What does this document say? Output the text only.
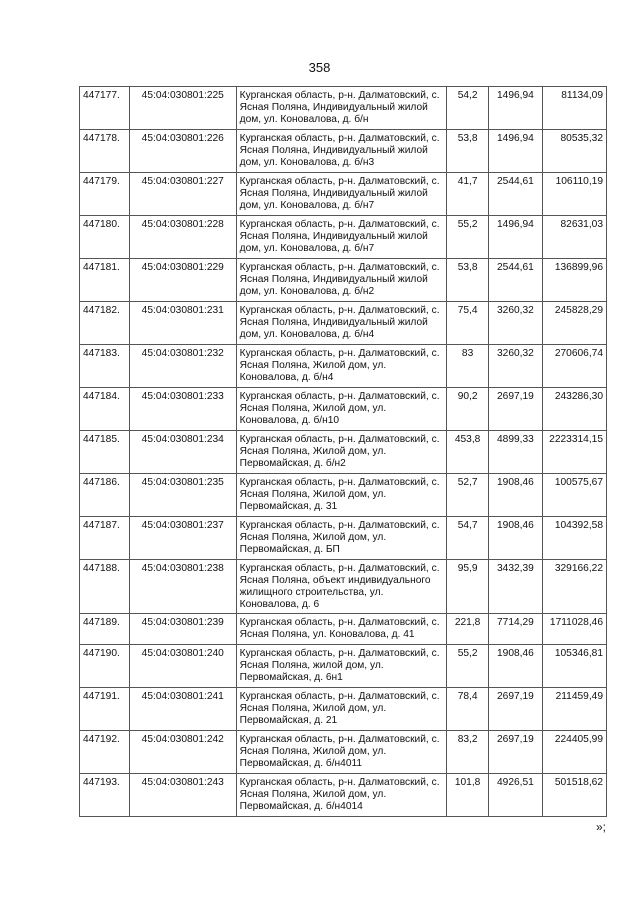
358
447177.	45:04:030801:225	Курганская область, р-н. Далматовский, с. Ясная Поляна, Индивидуальный жилой дом, ул. Коновалова, д. б/н	54,2	1496,94	81134,09
447178.	45:04:030801:226	Курганская область, р-н. Далматовский, с. Ясная Поляна, Индивидуальный жилой дом, ул. Коновалова, д. б/н3	53,8	1496,94	80535,32
447179.	45:04:030801:227	Курганская область, р-н. Далматовский, с. Ясная Поляна, Индивидуальный жилой дом, ул. Коновалова, д. б/н7	41,7	2544,61	106110,19
447180.	45:04:030801:228	Курганская область, р-н. Далматовский, с. Ясная Поляна, Индивидуальный жилой дом, ул. Коновалова, д. б/н7	55,2	1496,94	82631,03
447181.	45:04:030801:229	Курганская область, р-н. Далматовский, с. Ясная Поляна, Индивидуальный жилой дом, ул. Коновалова, д. б/н2	53,8	2544,61	136899,96
447182.	45:04:030801:231	Курганская область, р-н. Далматовский, с. Ясная Поляна, Индивидуальный жилой дом, ул. Коновалова, д. б/н4	75,4	3260,32	245828,29
447183.	45:04:030801:232	Курганская область, р-н. Далматовский, с. Ясная Поляна, Жилой дом, ул. Коновалова, д. б/н4	83	3260,32	270606,74
447184.	45:04:030801:233	Курганская область, р-н. Далматовский, с. Ясная Поляна, Жилой дом, ул. Коновалова, д. б/н10	90,2	2697,19	243286,30
447185.	45:04:030801:234	Курганская область, р-н. Далматовский, с. Ясная Поляна, Жилой дом, ул. Первомайская, д. б/н2	453,8	4899,33	2223314,15
447186.	45:04:030801:235	Курганская область, р-н. Далматовский, с. Ясная Поляна, Жилой дом, ул. Первомайская, д. 31	52,7	1908,46	100575,67
447187.	45:04:030801:237	Курганская область, р-н. Далматовский, с. Ясная Поляна, Жилой дом, ул. Первомайская, д. БП	54,7	1908,46	104392,58
447188.	45:04:030801:238	Курганская область, р-н. Далматовский, с. Ясная Поляна, объект индивидуального жилищного строительства, ул. Коновалова, д. 6	95,9	3432,39	329166,22
447189.	45:04:030801:239	Курганская область, р-н. Далматовский, с. Ясная Поляна, ул. Коновалова, д. 41	221,8	7714,29	1711028,46
447190.	45:04:030801:240	Курганская область, р-н. Далматовский, с. Ясная Поляна, жилой дом, ул. Первомайская, д. 6н1	55,2	1908,46	105346,81
447191.	45:04:030801:241	Курганская область, р-н. Далматовский, с. Ясная Поляна, Жилой дом, ул. Первомайская, д. 21	78,4	2697,19	211459,49
447192.	45:04:030801:242	Курганская область, р-н. Далматовский, с. Ясная Поляна, Жилой дом, ул. Первомайская, д. б/н4011	83,2	2697,19	224405,99
447193.	45:04:030801:243	Курганская область, р-н. Далматовский, с. Ясная Поляна, Жилой дом, ул. Первомайская, д. б/н4014	101,8	4926,51	501518,62
»;
